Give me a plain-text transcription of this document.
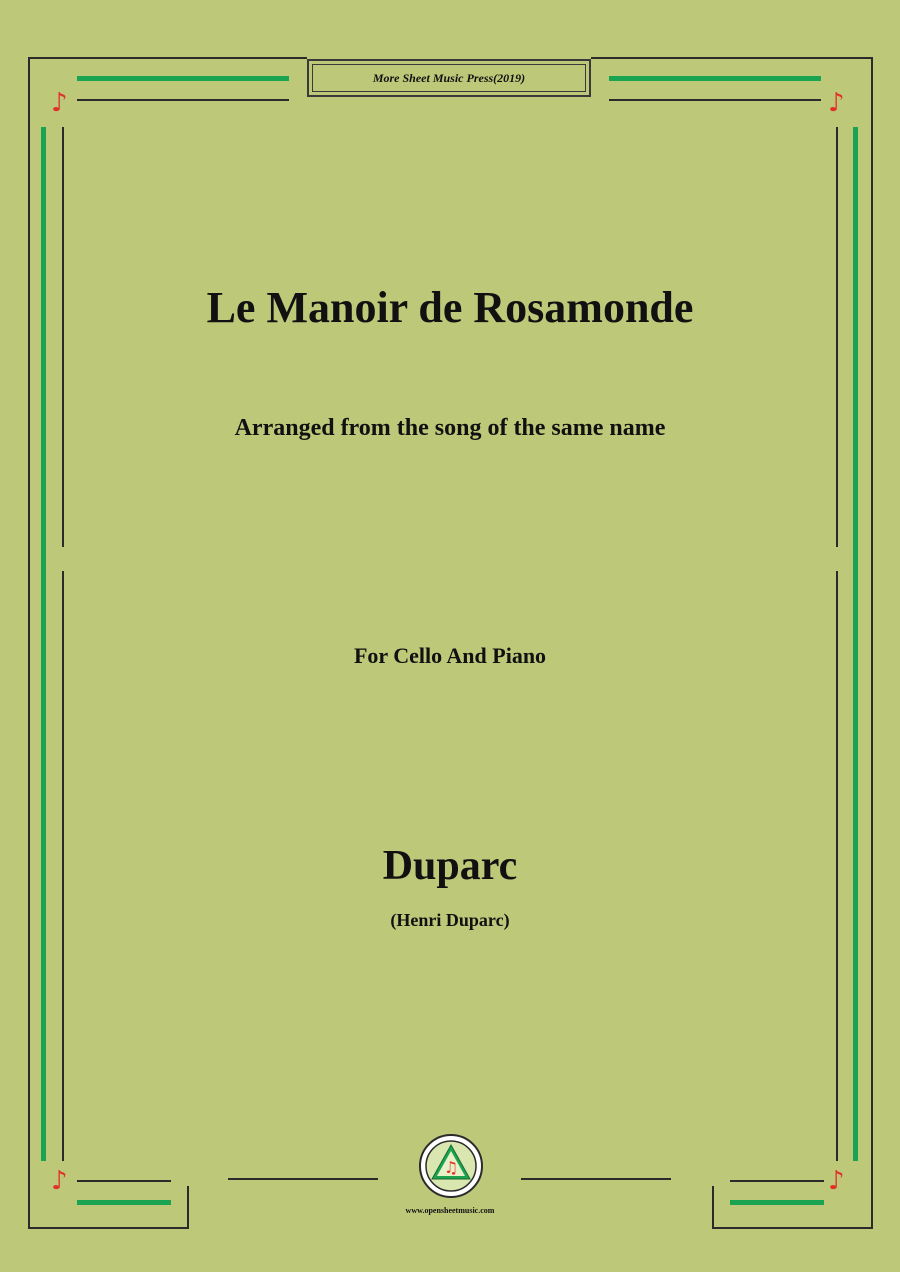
♪	♪
♪	♪
More Sheet Music Press(2019)
Le Manoir de Rosamonde
Arranged from the song of the same name
For Cello And Piano
Duparc
(Henri Duparc)
♫
www.opensheetmusic.com
